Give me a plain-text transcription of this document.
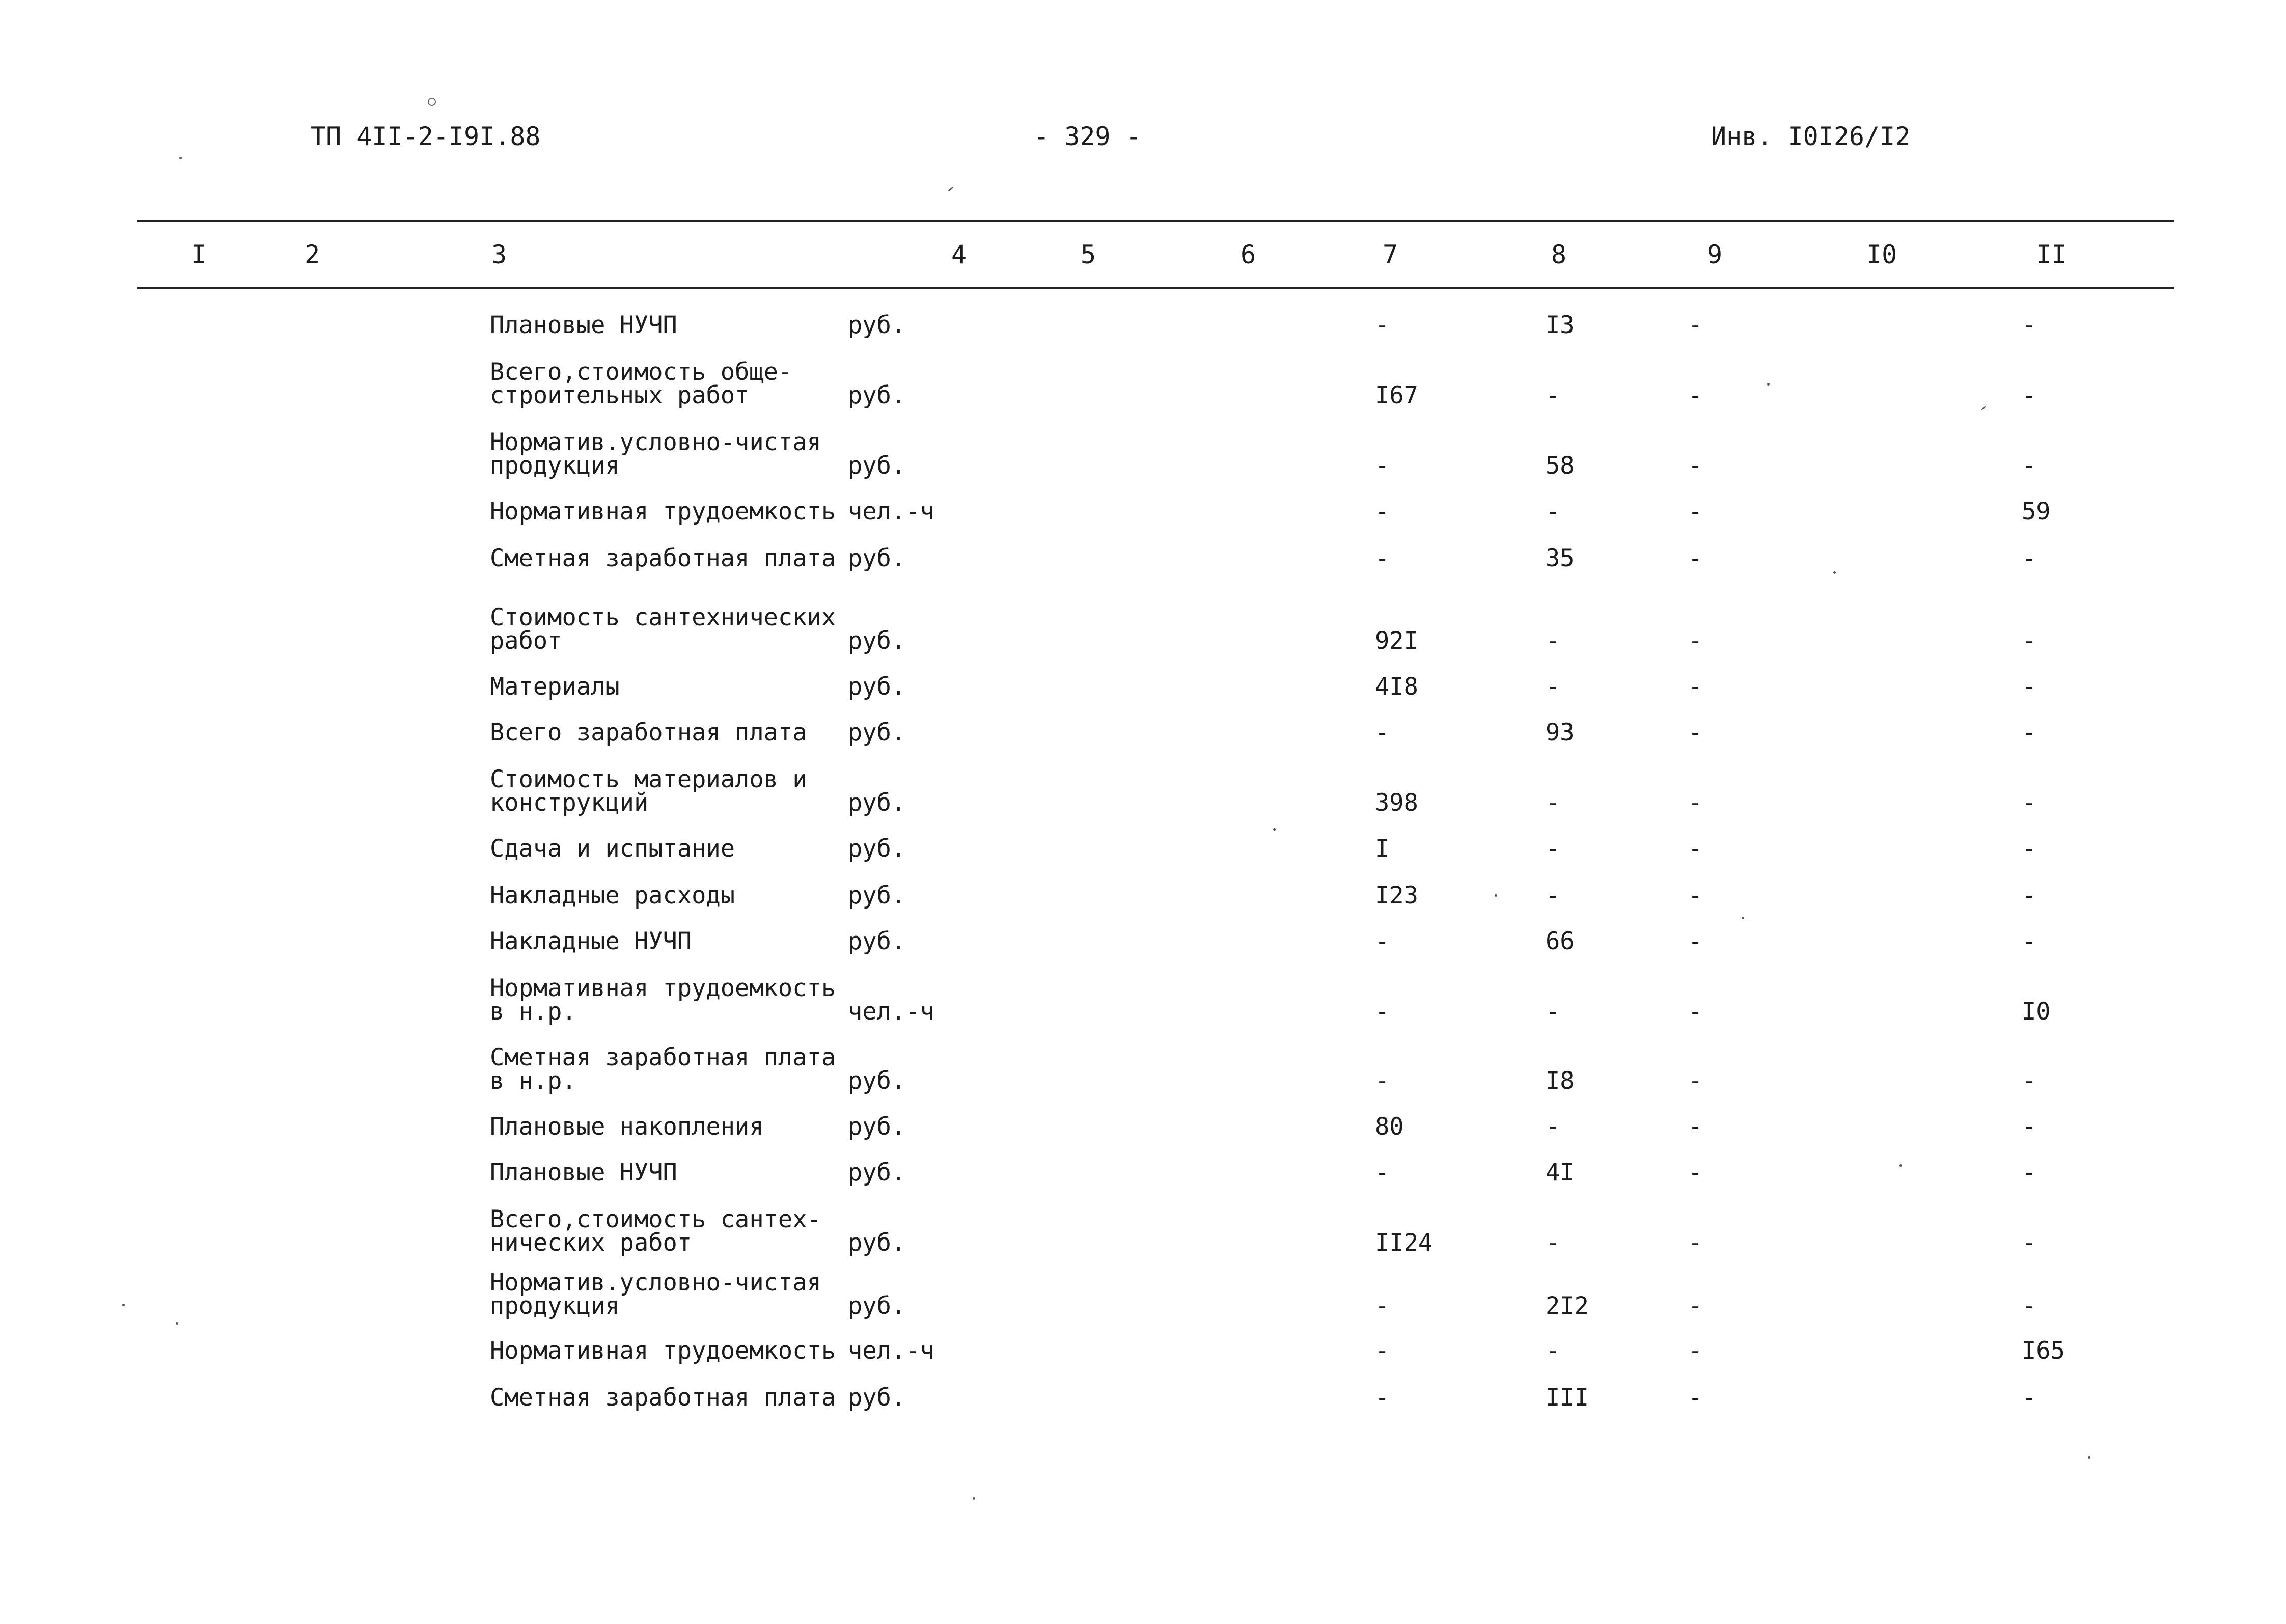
ТП 4II-2-I9I.88	- 329 -	Инв. I0I26/I2
I	2	3	4	5	6	7	8	9	I0	II
Плановые НУЧП	руб.	-	I3	-	-
Всего,стоимость обще-
строительных работ	руб.	I67	-	-	-
Норматив.условно-чистая
продукция	руб.	-	58	-	-
Нормативная трудоемкость чел.-ч	-	-	-	59
Сметная заработная плата руб.	-	35	-	-
Стоимость сантехнических
работ	руб.	92I	-	-	-
Материалы	руб.	4I8	-	-	-
Всего заработная плата руб.	-	93	-	-
Стоимость материалов и
конструкций	руб.	398	-	-	-
Сдача и испытание	руб.	I	-	-	-
Накладные расходы	руб.	I23	-	-	-
Накладные НУЧП	руб.	-	66	-	-
Нормативная трудоемкость
в н.р.	чел.-ч	-	-	-	I0
Сметная заработная плата
в н.р.	руб.	-	I8	-	-
Плановые накопления	руб.	80	-	-	-
Плановые НУЧП	руб.	-	4I	-	-
Всего,стоимость сантех-
нических работ	руб.	II24	-	-	-
Норматив.условно-чистая
продукция	руб.	-	2I2	-	-
Нормативная трудоемкость чел.-ч	-	-	-	I65
Сметная заработная плата руб.	-	III	-	-
